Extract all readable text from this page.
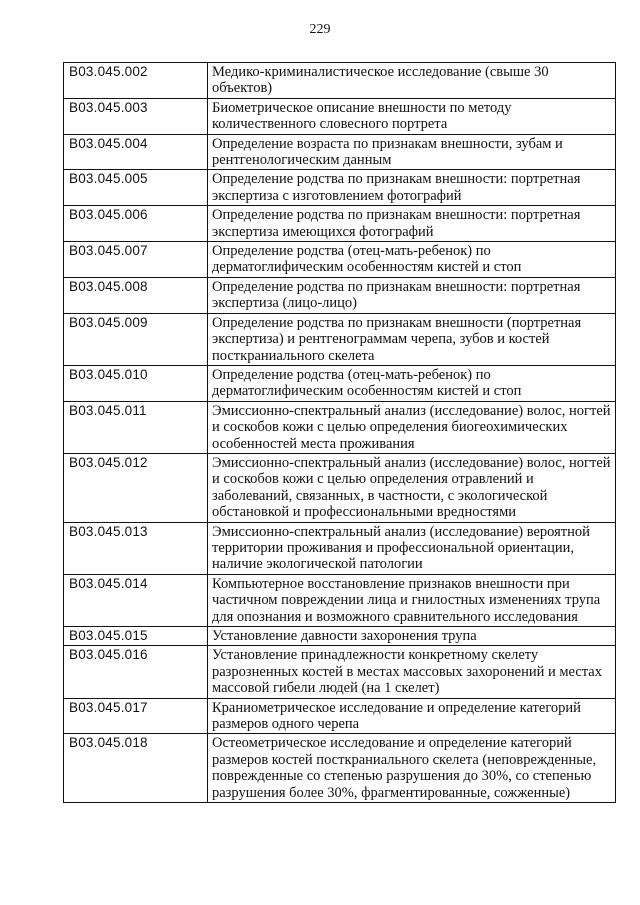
229
В03.045.002	Медико-криминалистическое исследование (свыше 30 объектов)
В03.045.003	Биометрическое описание внешности по методу количественного словесного портрета
В03.045.004	Определение возраста по признакам внешности, зубам и рентгенологическим данным
В03.045.005	Определение родства по признакам внешности: портретная экспертиза с изготовлением фотографий
В03.045.006	Определение родства по признакам внешности: портретная экспертиза имеющихся фотографий
В03.045.007	Определение родства (отец-мать-ребенок) по дерматоглифическим особенностям кистей и стоп
В03.045.008	Определение родства по признакам внешности: портретная экспертиза (лицо-лицо)
В03.045.009	Определение родства по признакам внешности (портретная экспертиза) и рентгенограммам черепа, зубов и костей посткраниального скелета
В03.045.010	Определение родства (отец-мать-ребенок) по дерматоглифическим особенностям кистей и стоп
В03.045.011	Эмиссионно-спектральный анализ (исследование) волос, ногтей и соскобов кожи с целью определения биогеохимических особенностей места проживания
В03.045.012	Эмиссионно-спектральный анализ (исследование) волос, ногтей и соскобов кожи с целью определения отравлений и заболеваний, связанных, в частности, с экологической обстановкой и профессиональными вредностями
В03.045.013	Эмиссионно-спектральный анализ (исследование) вероятной территории проживания и профессиональной ориентации, наличие экологической патологии
В03.045.014	Компьютерное восстановление признаков внешности при частичном повреждении лица и гнилостных изменениях трупа для опознания и возможного сравнительного исследования
В03.045.015	Установление давности захоронения трупа
В03.045.016	Установление принадлежности конкретному скелету разрозненных костей в местах массовых захоронений и местах массовой гибели людей (на 1 скелет)
В03.045.017	Краниометрическое исследование и определение категорий размеров одного черепа
В03.045.018	Остеометрическое исследование и определение категорий размеров костей посткраниального скелета (неповрежденные, поврежденные со степенью разрушения до 30%, со степенью разрушения более 30%, фрагментированные, сожженные)
